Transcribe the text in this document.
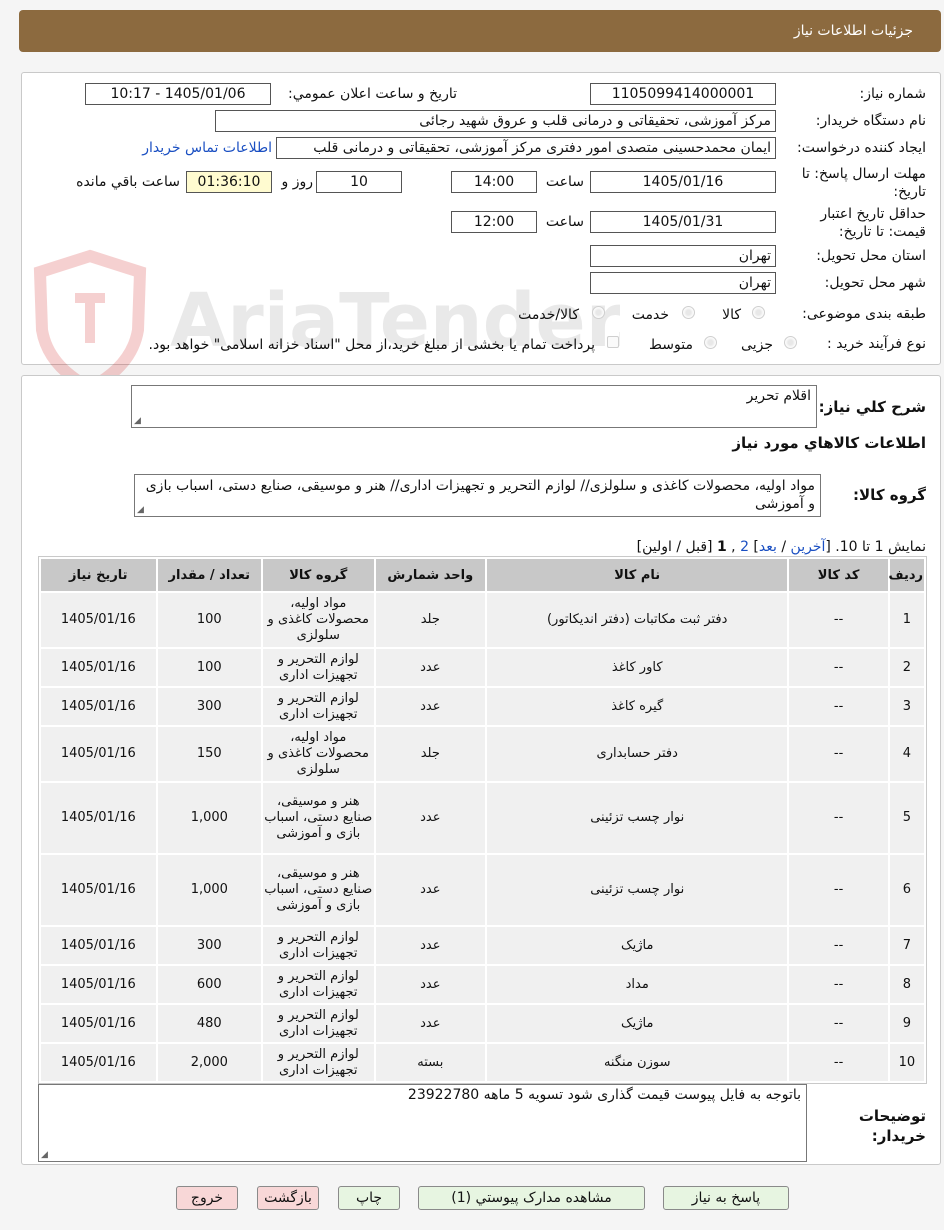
جزئیات اطلاعات نیاز
شماره نیاز:
1105099414000001
تاریخ و ساعت اعلان عمومي:
1405/01/06 - 10:17
نام دستگاه خريدار:
مرکز آموزشی، تحقیقاتی و درمانی قلب و عروق شهید رجائی
ايجاد کننده درخواست:
ایمان محمدحسینی متصدی امور دفتری مرکز آموزشی، تحقیقاتی و درمانی قلب
اطلاعات تماس خریدار
مهلت ارسال پاسخ: تا تاریخ:
1405/01/16
ساعت
14:00
10
روز و
01:36:10
ساعت باقي مانده
حداقل تاريخ اعتبار قيمت: تا تاريخ:
1405/01/31
ساعت
12:00
استان محل تحويل:
تهران
شهر محل تحويل:
تهران
طبقه بندی موضوعی:
کالا
خدمت
کالا/خدمت
نوع فرآيند خريد :
جزیی
متوسط
پرداخت تمام یا بخشی از مبلغ خرید،از محل "اسناد خزانه اسلامی" خواهد بود.
شرح کلي نياز:
اقلام تحریر
◢
اطلاعات کالاهاي مورد نياز
گروه کالا:
مواد اولیه، محصولات کاغذی و سلولزی// لوازم التحریر و تجهیزات اداری// هنر و موسیقی، صنایع دستی، اسباب بازی و آموزشی
◢
نمایش 1 تا 10. [آخرين / بعد] 2 , 1 [قبل / اولين]
رديف	کد کالا	نام کالا	واحد شمارش	گروه کالا	تعداد / مقدار	تاريخ نياز
1	--	دفتر ثبت مکاتبات (دفتر اندیکاتور)	جلد	مواد اولیه، محصولات کاغذی و سلولزی	100	1405/01/16
2	--	کاور کاغذ	عدد	لوازم التحریر و تجهیزات اداری	100	1405/01/16
3	--	گیره کاغذ	عدد	لوازم التحریر و تجهیزات اداری	300	1405/01/16
4	--	دفتر حسابداری	جلد	مواد اولیه، محصولات کاغذی و سلولزی	150	1405/01/16
5	--	نوار چسب تزئینی	عدد	هنر و موسیقی، صنایع دستی، اسباب بازی و آموزشی	1,000	1405/01/16
6	--	نوار چسب تزئینی	عدد	هنر و موسیقی، صنایع دستی، اسباب بازی و آموزشی	1,000	1405/01/16
7	--	ماژیک	عدد	لوازم التحریر و تجهیزات اداری	300	1405/01/16
8	--	مداد	عدد	لوازم التحریر و تجهیزات اداری	600	1405/01/16
9	--	ماژیک	عدد	لوازم التحریر و تجهیزات اداری	480	1405/01/16
10	--	سوزن منگنه	بسته	لوازم التحریر و تجهیزات اداری	2,000	1405/01/16
توضیحات خریدار:
باتوجه به فایل پیوست قیمت گذاری شود تسویه 5 ماهه 23922780
◢
پاسخ به نياز
مشاهده مدارک پيوستي (1)
چاپ
بازگشت
خروج
